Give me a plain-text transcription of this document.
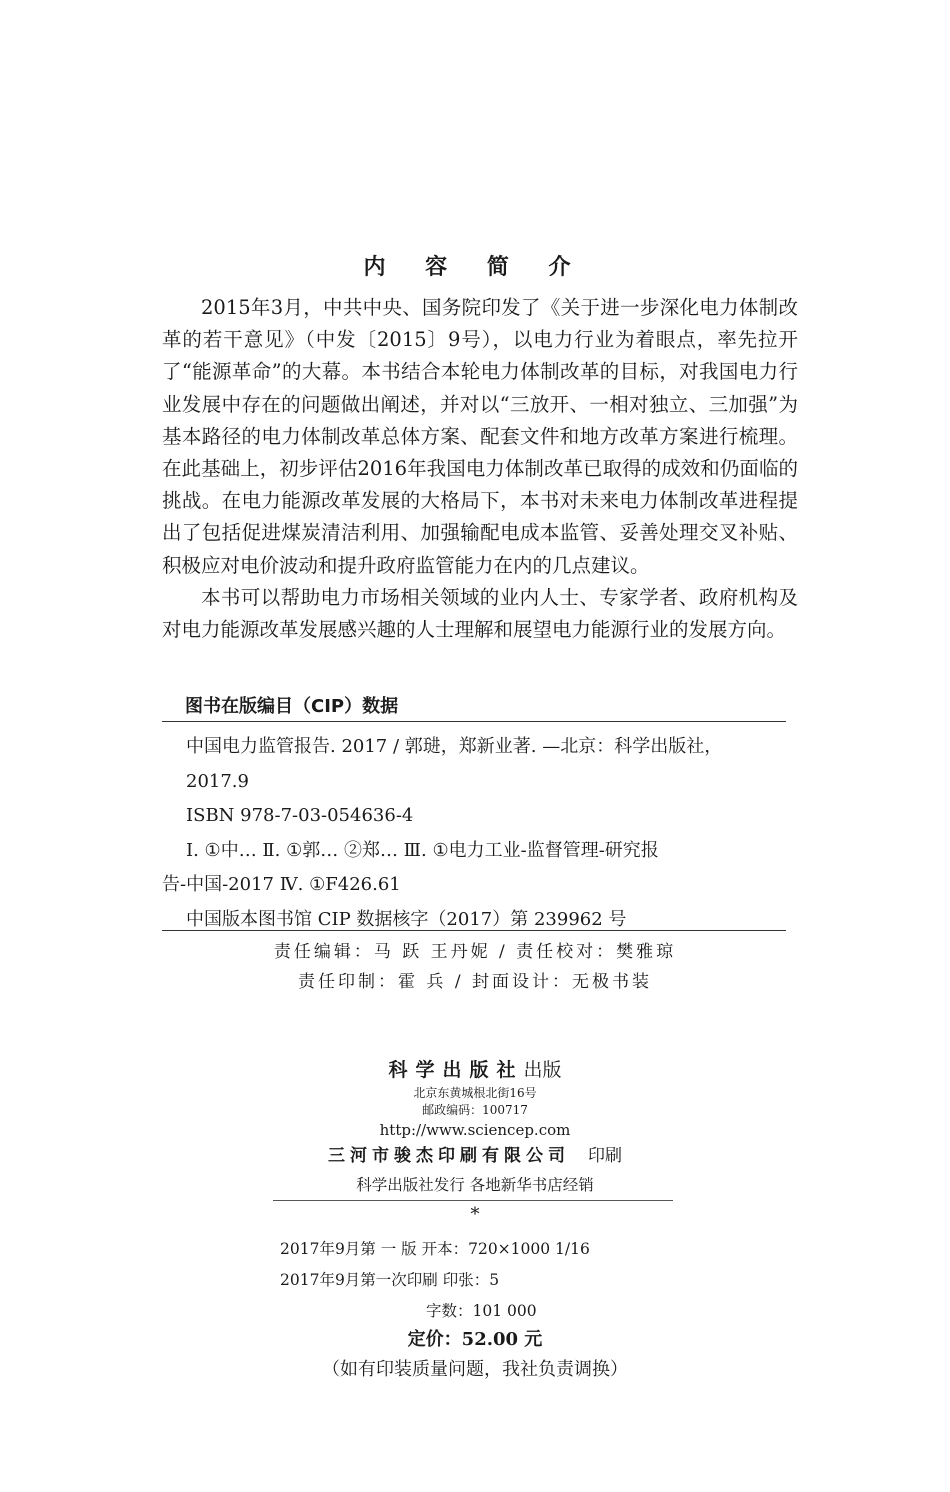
内 容 简 介

2015年3月，中共中央、国务院印发了《关于进一步深化电力体制改革的若干意见》（中发〔2015〕9号），以电力行业为着眼点，率先拉开了“能源革命”的大幕。本书结合本轮电力体制改革的目标，对我国电力行业发展中存在的问题做出阐述，并对以“三放开、一相对独立、三加强”为基本路径的电力体制改革总体方案、配套文件和地方改革方案进行梳理。在此基础上，初步评估2016年我国电力体制改革已取得的成效和仍面临的挑战。在电力能源改革发展的大格局下，本书对未来电力体制改革进程提出了包括促进煤炭清洁利用、加强输配电成本监管、妥善处理交叉补贴、积极应对电价波动和提升政府监管能力在内的几点建议。

本书可以帮助电力市场相关领域的业内人士、专家学者、政府机构及对电力能源改革发展感兴趣的人士理解和展望电力能源行业的发展方向。

图书在版编目（CIP）数据
中国电力监管报告. 2017 / 郭琎，郑新业著. —北京：科学出版社，
2017.9
ISBN 978-7-03-054636-4
Ⅰ. ①中… Ⅱ. ①郭… ②郑… Ⅲ. ①电力工业-监督管理-研究报
告-中国-2017 Ⅳ. ①F426.61
中国版本图书馆 CIP 数据核字（2017）第 239962 号
责任编辑：马 跃 王丹妮 / 责任校对：樊雅琼
责任印制：霍 兵 / 封面设计：无极书装
科学出版社出版
北京东黄城根北街16号
邮政编码：100717
http://www.sciencep.com
三河市骏杰印刷有限公司 印刷
科学出版社发行 各地新华书店经销
*
2017年9月第 一 版 开本：720×1000 1/16
2017年9月第一次印刷 印张：5
字数：101 000
定价：52.00 元
（如有印装质量问题，我社负责调换）
